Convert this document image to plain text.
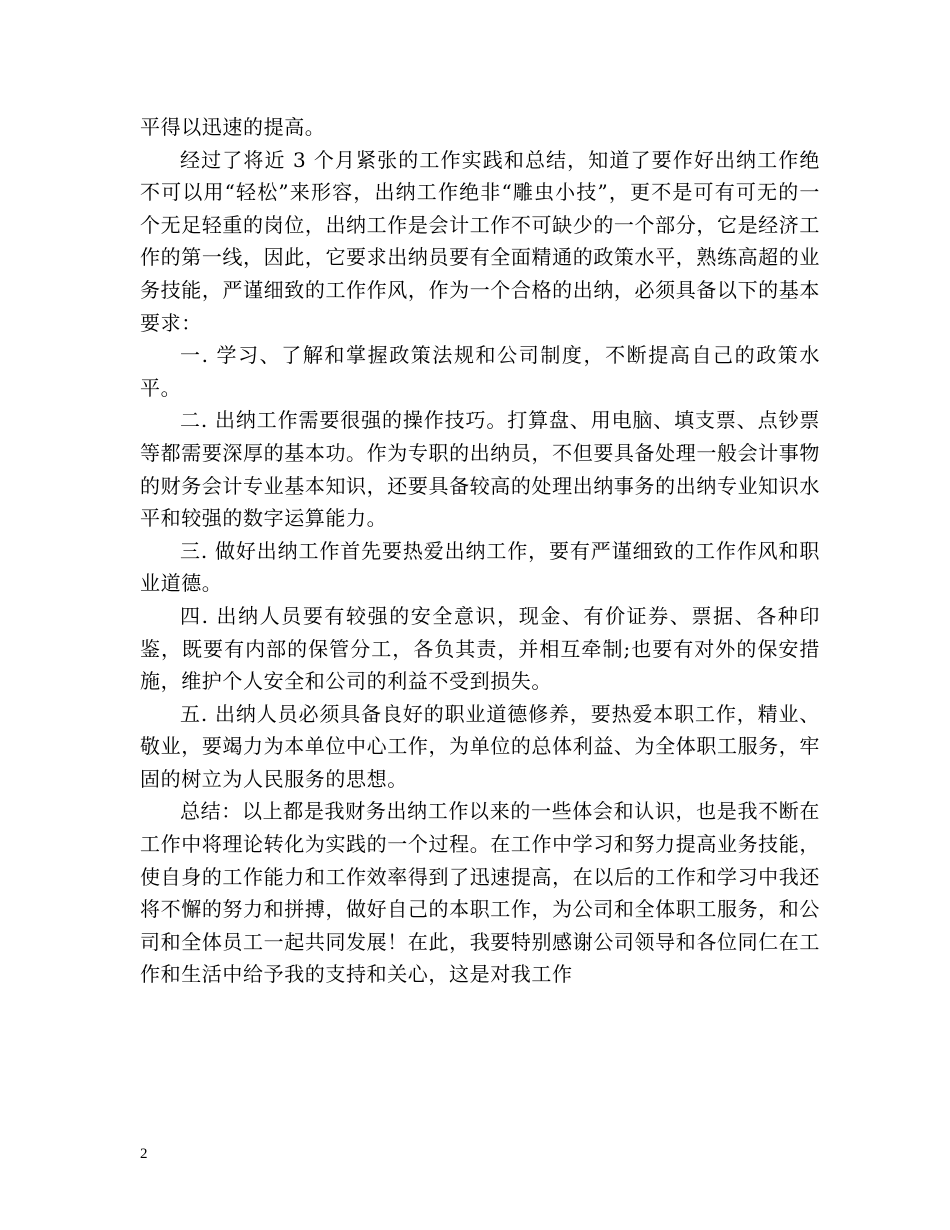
平得以迅速的提高。

经过了将近 3 个月紧张的工作实践和总结，知道了要作好出纳工作绝不可以用“轻松”来形容，出纳工作绝非“雕虫小技”，更不是可有可无的一个无足轻重的岗位，出纳工作是会计工作不可缺少的一个部分，它是经济工作的第一线，因此，它要求出纳员要有全面精通的政策水平，熟练高超的业务技能，严谨细致的工作作风，作为一个合格的出纳，必须具备以下的基本要求：

一. 学习、了解和掌握政策法规和公司制度，不断提高自己的政策水平。

二. 出纳工作需要很强的操作技巧。打算盘、用电脑、填支票、点钞票等都需要深厚的基本功。作为专职的出纳员，不但要具备处理一般会计事物的财务会计专业基本知识，还要具备较高的处理出纳事务的出纳专业知识水平和较强的数字运算能力。

三. 做好出纳工作首先要热爱出纳工作，要有严谨细致的工作作风和职业道德。

四. 出纳人员要有较强的安全意识，现金、有价证券、票据、各种印鉴，既要有内部的保管分工，各负其责，并相互牵制;也要有对外的保安措施，维护个人安全和公司的利益不受到损失。

五. 出纳人员必须具备良好的职业道德修养，要热爱本职工作，精业、敬业，要竭力为本单位中心工作，为单位的总体利益、为全体职工服务，牢固的树立为人民服务的思想。

总结：以上都是我财务出纳工作以来的一些体会和认识，也是我不断在工作中将理论转化为实践的一个过程。在工作中学习和努力提高业务技能，使自身的工作能力和工作效率得到了迅速提高，在以后的工作和学习中我还将不懈的努力和拼搏，做好自己的本职工作，为公司和全体职工服务，和公司和全体员工一起共同发展！在此，我要特别感谢公司领导和各位同仁在工作和生活中给予我的支持和关心，这是对我工作

2
